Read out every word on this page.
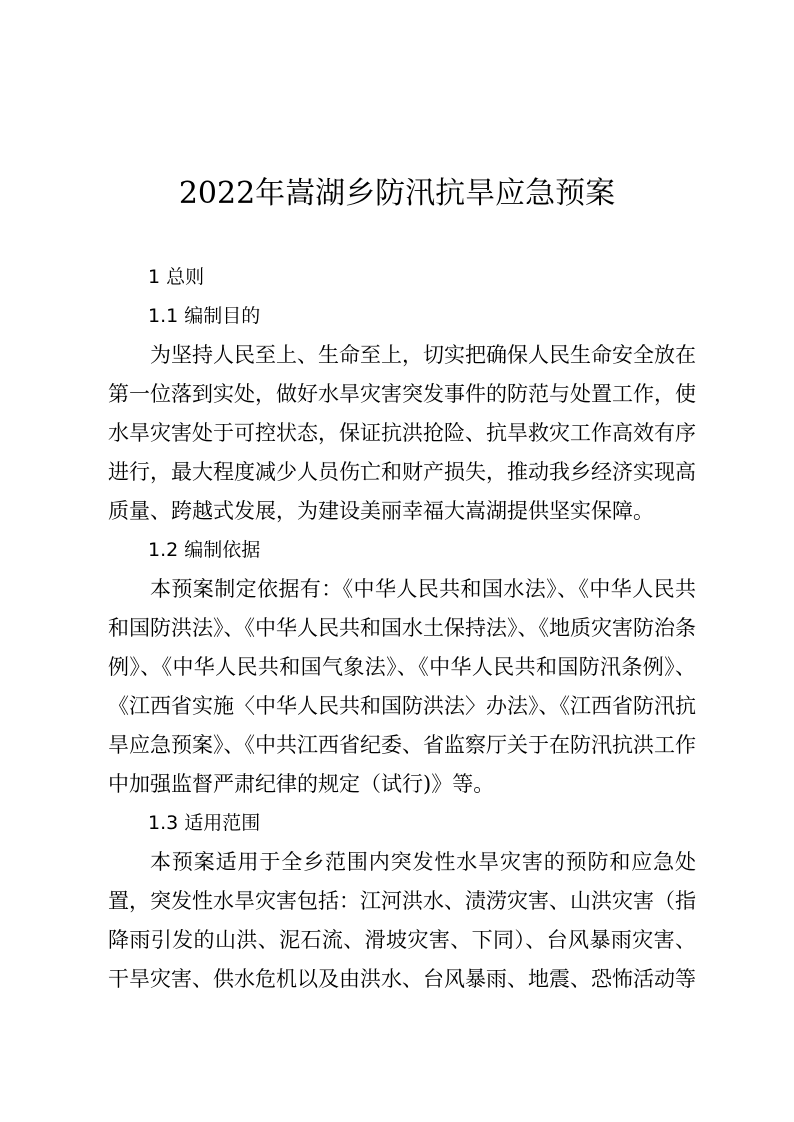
2022年嵩湖乡防汛抗旱应急预案
1 总则
1.1 编制目的
为坚持人民至上、生命至上，切实把确保人民生命安全放在
第一位落到实处，做好水旱灾害突发事件的防范与处置工作，使
水旱灾害处于可控状态，保证抗洪抢险、抗旱救灾工作高效有序
进行，最大程度减少人员伤亡和财产损失，推动我乡经济实现高
质量、跨越式发展，为建设美丽幸福大嵩湖提供坚实保障。
1.2 编制依据
本预案制定依据有：《中华人民共和国水法》、《中华人民共
和国防洪法》、《中华人民共和国水土保持法》、《地质灾害防治条
例》、《中华人民共和国气象法》、《中华人民共和国防汛条例》、
《江西省实施〈中华人民共和国防洪法〉办法》、《江西省防汛抗
旱应急预案》、《中共江西省纪委、省监察厅关于在防汛抗洪工作
中加强监督严肃纪律的规定（试行)》等。
1.3 适用范围
本预案适用于全乡范围内突发性水旱灾害的预防和应急处
置，突发性水旱灾害包括：江河洪水、渍涝灾害、山洪灾害（指
降雨引发的山洪、泥石流、滑坡灾害、下同）、台风暴雨灾害、
干旱灾害、供水危机以及由洪水、台风暴雨、地震、恐怖活动等
